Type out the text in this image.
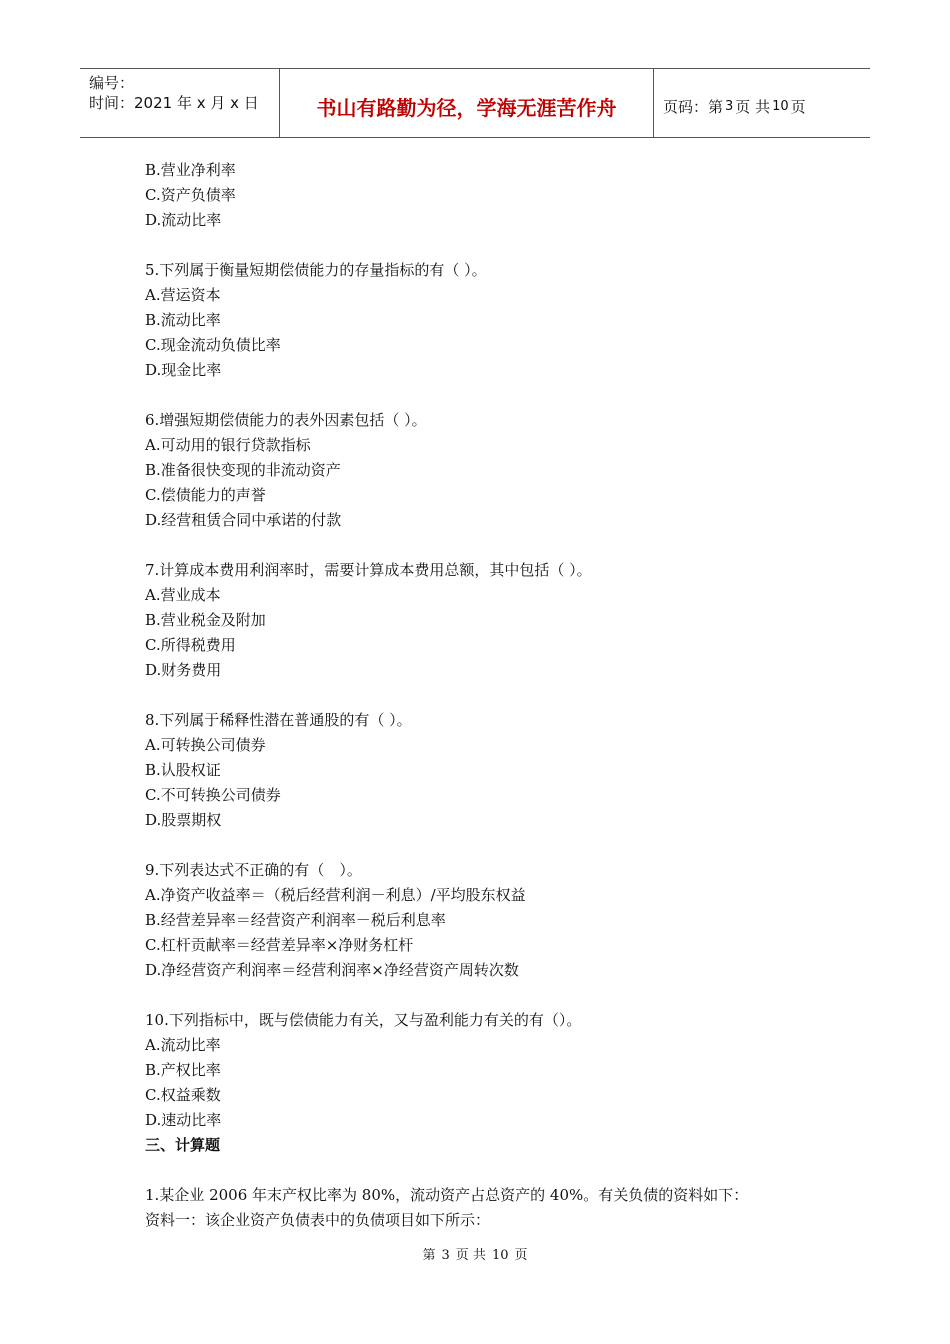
编号：
时间：2021 年 x 月 x 日	书山有路勤为径，学海无涯苦作舟	页码：第 3 页 共 10 页
B.营业净利率
C.资产负债率
D.流动比率
5.下列属于衡量短期偿债能力的存量指标的有（ ）。
A.营运资本
B.流动比率
C.现金流动负债比率
D.现金比率
6.增强短期偿债能力的表外因素包括（ ）。
A.可动用的银行贷款指标
B.准备很快变现的非流动资产
C.偿债能力的声誉
D.经营租赁合同中承诺的付款
7.计算成本费用利润率时，需要计算成本费用总额，其中包括（ ）。
A.营业成本
B.营业税金及附加
C.所得税费用
D.财务费用
8.下列属于稀释性潜在普通股的有（ ）。
A.可转换公司债券
B.认股权证
C.不可转换公司债券
D.股票期权
9.下列表达式不正确的有（　）。
A.净资产收益率＝（税后经营利润－利息）/平均股东权益
B.经营差异率＝经营资产利润率－税后利息率
C.杠杆贡献率＝经营差异率×净财务杠杆
D.净经营资产利润率＝经营利润率×净经营资产周转次数
10.下列指标中，既与偿债能力有关，又与盈利能力有关的有（）。
A.流动比率
B.产权比率
C.权益乘数
D.速动比率
三、计算题
1.某企业 2006 年末产权比率为 80%，流动资产占总资产的 40%。有关负债的资料如下：
资料一：该企业资产负债表中的负债项目如下所示：
第 3 页 共 10 页
